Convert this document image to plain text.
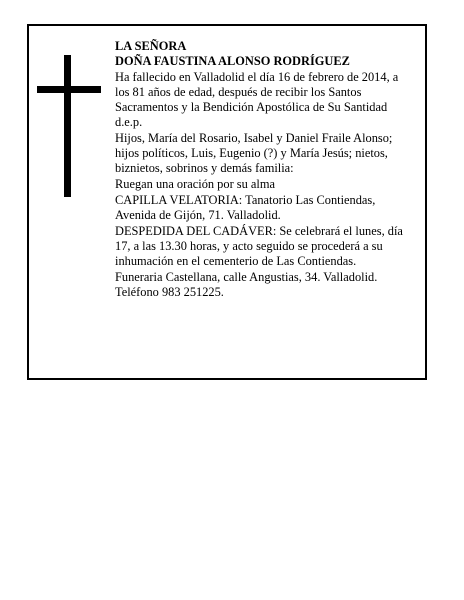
LA SEÑORA

DOÑA FAUSTINA ALONSO RODRÍGUEZ

Ha fallecido en Valladolid el día 16 de febrero de 2014, a los 81 años de edad, después de recibir los Santos Sacramentos y la Bendición Apostólica de Su Santidad d.e.p.

Hijos, María del Rosario, Isabel y Daniel Fraile Alonso; hijos políticos, Luis, Eugenio (?) y María Jesús; nietos, biznietos, sobrinos y demás familia:

Ruegan una oración por su alma

CAPILLA VELATORIA: Tanatorio Las Contiendas, Avenida de Gijón, 71. Valladolid.

DESPEDIDA DEL CADÁVER: Se celebrará el lunes, día 17, a las 13.30 horas, y acto seguido se procederá a su inhumación en el cementerio de Las Contiendas.

Funeraria Castellana, calle Angustias, 34. Valladolid. Teléfono 983 251225.
